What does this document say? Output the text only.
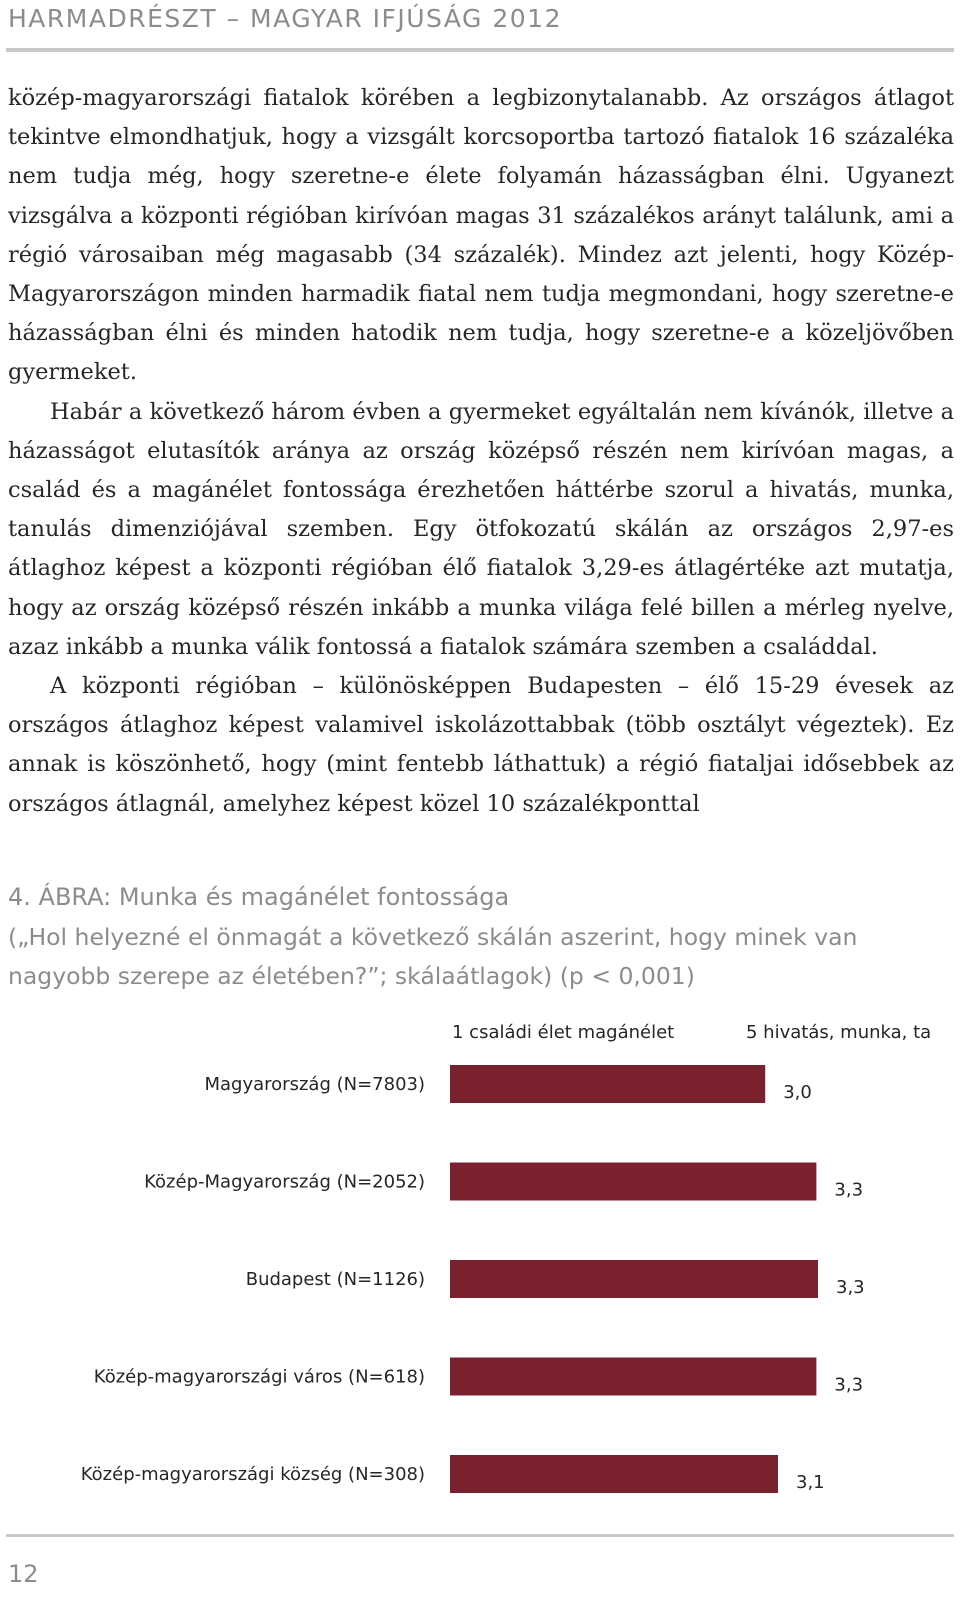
HARMADRÉSZT – MAGYAR IFJÚSÁG 2012

közép-magyarországi fiatalok körében a legbizonytalanabb. Az országos átlagot tekintve elmondhatjuk, hogy a vizsgált korcsoportba tartozó fiatalok 16 százaléka nem tudja még, hogy szeretne-e élete folyamán házasságban élni. Ugyanezt vizsgálva a központi régióban kirívóan magas 31 százalékos arányt találunk, ami a régió városaiban még magasabb (34 százalék). Mindez azt jelenti, hogy Közép-Magyarországon minden harmadik fiatal nem tudja megmondani, hogy szeretne-e házasságban élni és minden hatodik nem tudja, hogy szeretne-e a közeljövőben gyermeket.

Habár a következő három évben a gyermeket egyáltalán nem kívánók, illetve a házasságot elutasítók aránya az ország középső részén nem kirívóan magas, a család és a magánélet fontossága érezhetően háttérbe szorul a hivatás, munka, tanulás dimenziójával szemben. Egy ötfokozatú skálán az országos 2,97-es átlaghoz képest a központi régióban élő fiatalok 3,29-es átlagértéke azt mutatja, hogy az ország középső részén inkább a munka világa felé billen a mérleg nyelve, azaz inkább a munka válik fontossá a fiatalok számára szemben a családdal.

A központi régióban – különösképpen Budapesten – élő 15-29 évesek az országos átlaghoz képest valamivel iskolázottabbak (több osztályt végeztek). Ez annak is köszönhető, hogy (mint fentebb láthattuk) a régió fiataljai idősebbek az országos átlagnál, amelyhez képest közel 10 százalékponttal

4. ÁBRA: Munka és magánélet fontossága
(„Hol helyezné el önmagát a következő skálán aszerint, hogy minek van nagyobb szerepe az életében?”; skálaátlagok) (p < 0,001)
1 családi élet magánélet	5 hivatás, munka, ta
Magyarország (N=7803)	3,0
Közép-Magyarország (N=2052)	3,3
Budapest (N=1126)	3,3
Közép-magyarországi város (N=618)	3,3
Közép-magyarországi község (N=308)	3,1
12
